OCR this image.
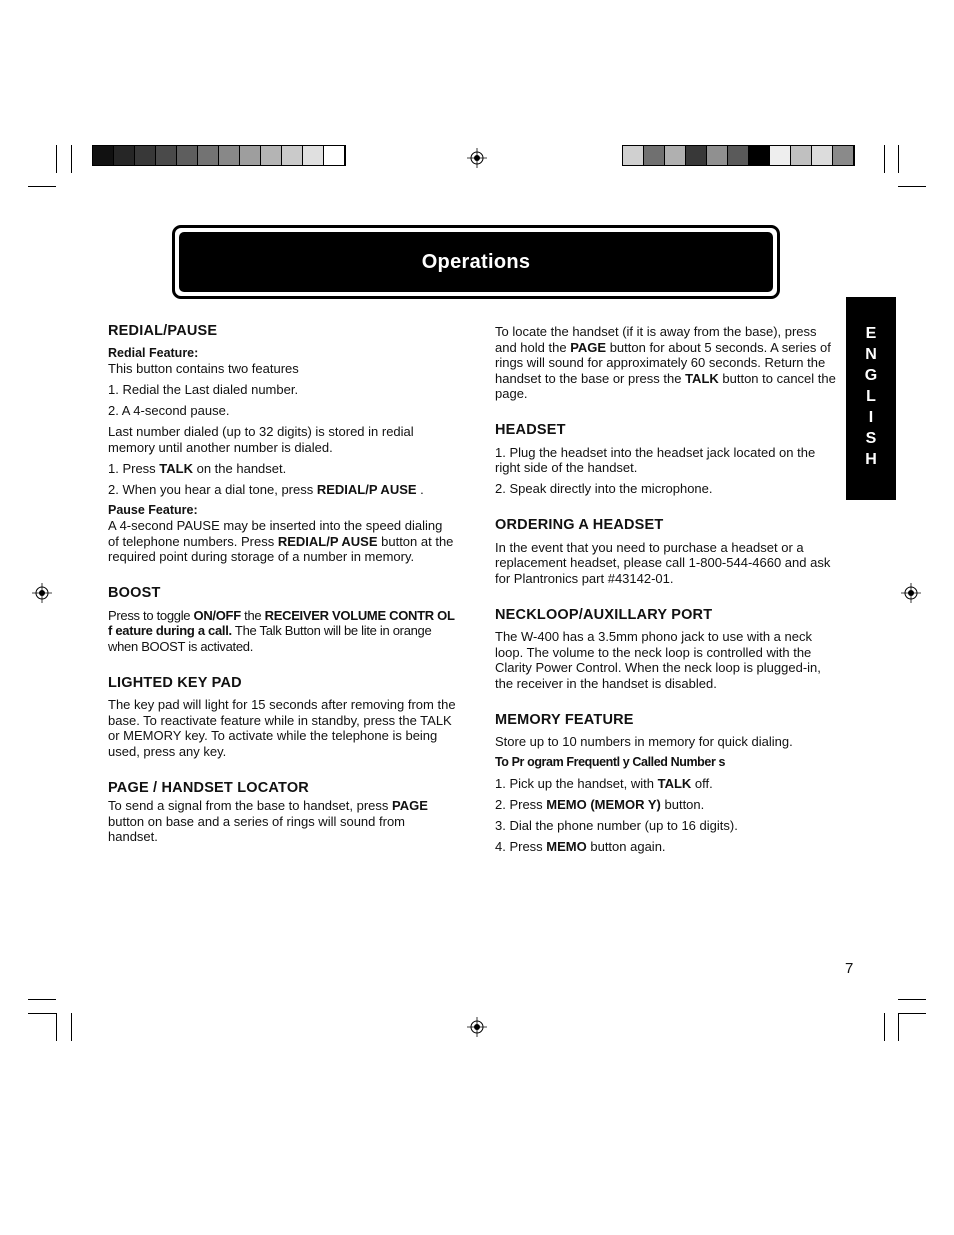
Operations
E
N
G
L
I
S
H
REDIAL/PAUSE
Redial Feature:

This button contains two features

1. Redial the Last dialed number.

2. A 4-second pause.

Last number dialed (up to 32 digits) is stored in redial memory until another number is dialed.

1. Press TALK on the handset.

2. When you hear a dial tone, press REDIAL/P AUSE .

Pause Feature:

A 4-second PAUSE may be inserted into the speed dialing of telephone numbers. Press REDIAL/P AUSE button at the required point during storage of a number in memory.

BOOST

Press to toggle ON/OFF the RECEIVER VOLUME CONTR OL f eature during a call. The Talk Button will be lite in orange when BOOST is activated.

LIGHTED KEY PAD

The key pad will light for 15 seconds after removing from the base. To reactivate feature while in standby, press the TALK or MEMORY key. To activate while the telephone is being used, press any key.

PAGE / HANDSET LOCATOR

To send a signal from the base to handset, press PAGE button on base and a series of rings will sound from handset.

To locate the handset (if it is away from the base), press and hold the PAGE button for about 5 seconds. A series of rings will sound for approximately 60 seconds. Return the handset to the base or press the TALK button to cancel the page.

HEADSET

1. Plug the headset into the headset jack located on the right side of the handset.

2. Speak directly into the microphone.

ORDERING A HEADSET

In the event that you need to purchase a headset or a replacement headset, please call 1-800-544-4660 and ask for Plantronics part #43142-01.

NECKLOOP/AUXILLARY PORT

The W-400 has a 3.5mm phono jack to use with a neck loop. The volume to the neck loop is controlled with the Clarity Power Control. When the neck loop is plugged-in, the receiver in the handset is disabled.

MEMORY FEATURE

Store up to 10 numbers in memory for quick dialing.

To Pr ogram Frequentl y Called Number s

1. Pick up the handset, with TALK off.

2. Press MEMO (MEMOR Y) button.

3. Dial the phone number (up to 16 digits).

4. Press MEMO button again.

7
